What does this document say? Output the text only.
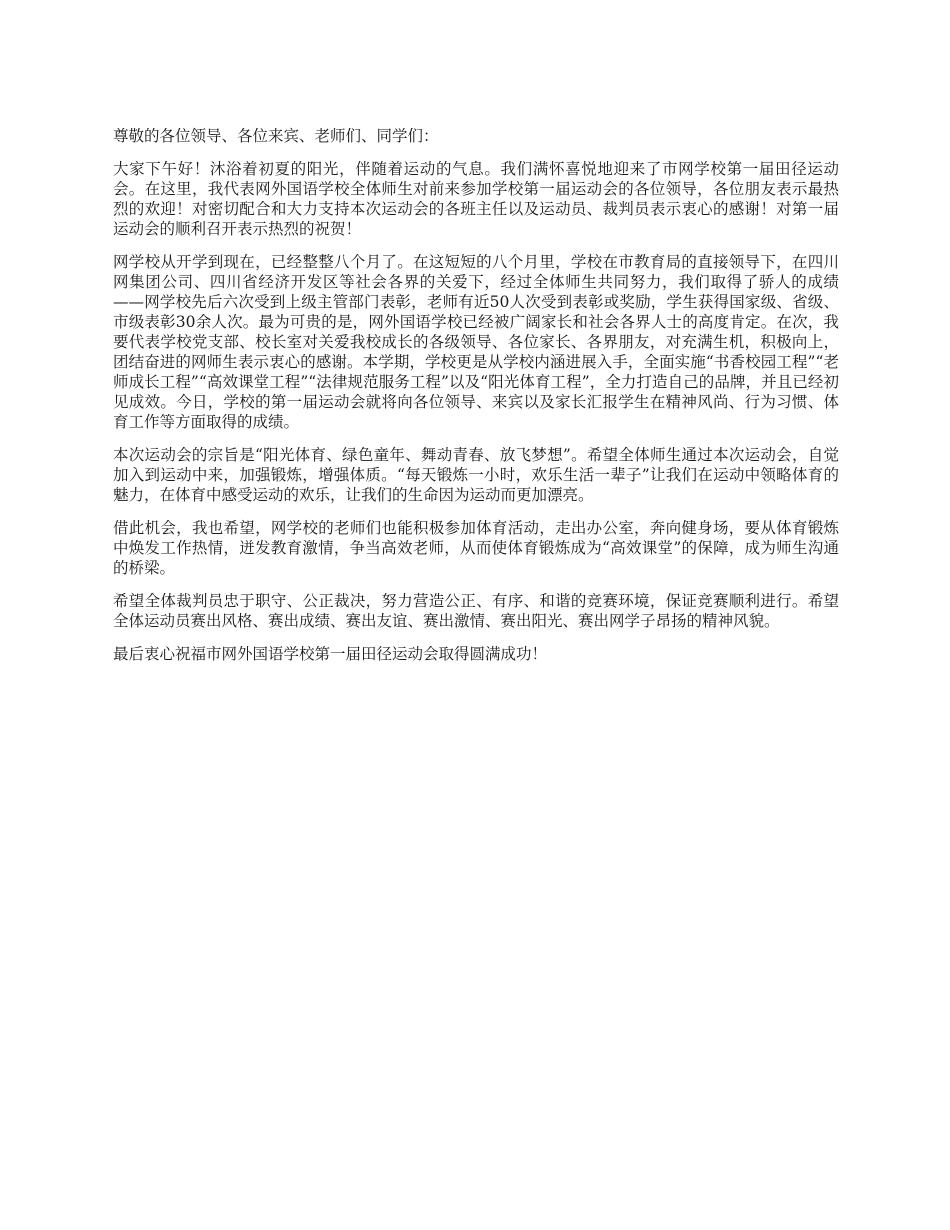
尊敬的各位领导、各位来宾、老师们、同学们：

大家下午好！沐浴着初夏的阳光，伴随着运动的气息。我们满怀喜悦地迎来了市网学校第一届田径运动会。在这里，我代表网外国语学校全体师生对前来参加学校第一届运动会的各位领导，各位朋友表示最热烈的欢迎！对密切配合和大力支持本次运动会的各班主任以及运动员、裁判员表示衷心的感谢！对第一届运动会的顺利召开表示热烈的祝贺！

网学校从开学到现在，已经整整八个月了。在这短短的八个月里，学校在市教育局的直接领导下，在四川网集团公司、四川省经济开发区等社会各界的关爱下，经过全体师生共同努力，我们取得了骄人的成绩——网学校先后六次受到上级主管部门表彰，老师有近50人次受到表彰或奖励，学生获得国家级、省级、市级表彰30余人次。最为可贵的是，网外国语学校已经被广阔家长和社会各界人士的高度肯定。在次，我要代表学校党支部、校长室对关爱我校成长的各级领导、各位家长、各界朋友，对充满生机，积极向上，团结奋进的网师生表示衷心的感谢。本学期，学校更是从学校内涵进展入手，全面实施“书香校园工程”“老师成长工程”“高效课堂工程”“法律规范服务工程”以及“阳光体育工程”，全力打造自己的品牌，并且已经初见成效。今日，学校的第一届运动会就将向各位领导、来宾以及家长汇报学生在精神风尚、行为习惯、体育工作等方面取得的成绩。

本次运动会的宗旨是“阳光体育、绿色童年、舞动青春、放飞梦想”。希望全体师生通过本次运动会，自觉加入到运动中来，加强锻炼，增强体质。“每天锻炼一小时，欢乐生活一辈子”让我们在运动中领略体育的魅力，在体育中感受运动的欢乐，让我们的生命因为运动而更加漂亮。

借此机会，我也希望，网学校的老师们也能积极参加体育活动，走出办公室，奔向健身场，要从体育锻炼中焕发工作热情，迸发教育激情，争当高效老师，从而使体育锻炼成为“高效课堂”的保障，成为师生沟通的桥梁。

希望全体裁判员忠于职守、公正裁决，努力营造公正、有序、和谐的竞赛环境，保证竞赛顺利进行。希望全体运动员赛出风格、赛出成绩、赛出友谊、赛出激情、赛出阳光、赛出网学子昂扬的精神风貌。

最后衷心祝福市网外国语学校第一届田径运动会取得圆满成功！
